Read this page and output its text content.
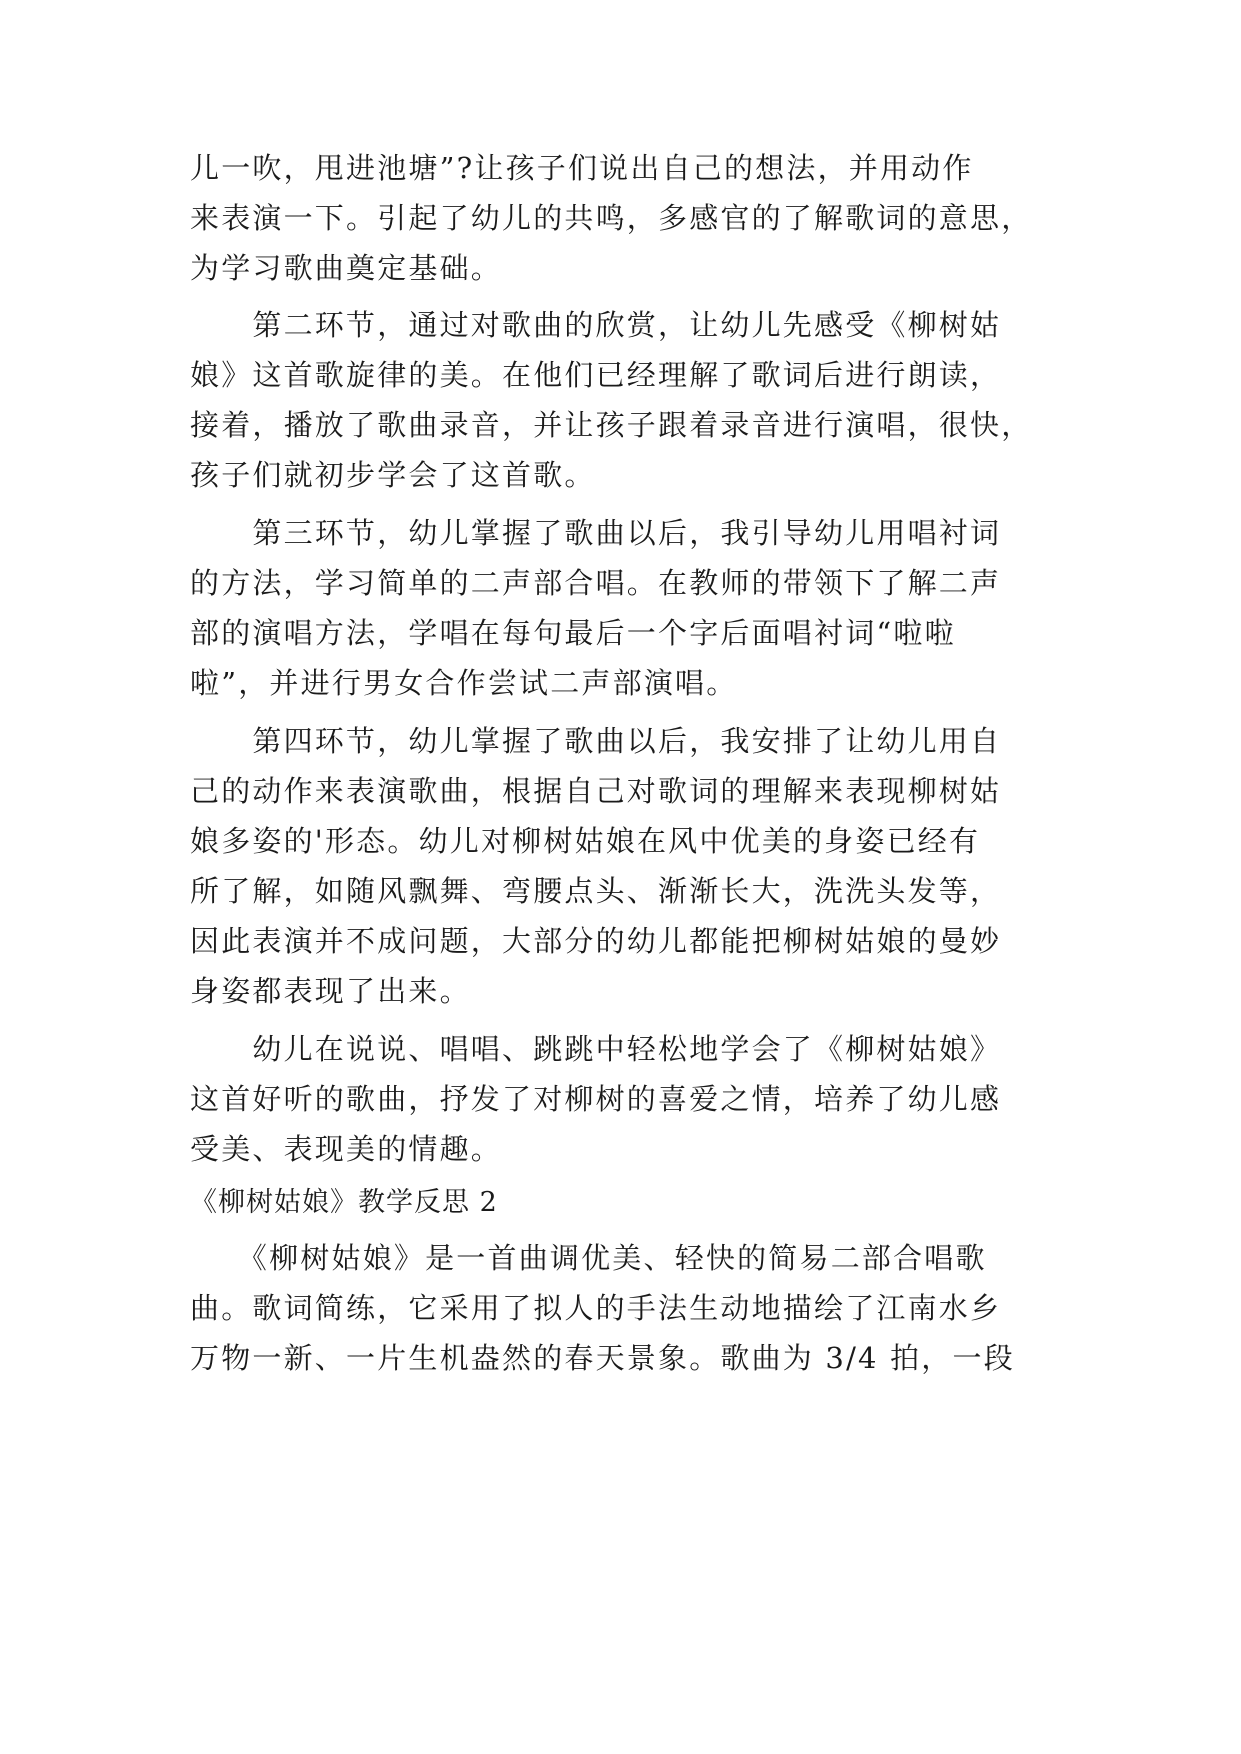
儿一吹，甩进池塘”?让孩子们说出自己的想法，并用动作
来表演一下。引起了幼儿的共鸣，多感官的了解歌词的意思，
为学习歌曲奠定基础。
　　第二环节，通过对歌曲的欣赏，让幼儿先感受《柳树姑
娘》这首歌旋律的美。在他们已经理解了歌词后进行朗读，
接着，播放了歌曲录音，并让孩子跟着录音进行演唱，很快，
孩子们就初步学会了这首歌。
　　第三环节，幼儿掌握了歌曲以后，我引导幼儿用唱衬词
的方法，学习简单的二声部合唱。在教师的带领下了解二声
部的演唱方法，学唱在每句最后一个字后面唱衬词“啦啦
啦”，并进行男女合作尝试二声部演唱。
　　第四环节，幼儿掌握了歌曲以后，我安排了让幼儿用自
己的动作来表演歌曲，根据自己对歌词的理解来表现柳树姑
娘多姿的'形态。幼儿对柳树姑娘在风中优美的身姿已经有
所了解，如随风飘舞、弯腰点头、渐渐长大，洗洗头发等，
因此表演并不成问题，大部分的幼儿都能把柳树姑娘的曼妙
身姿都表现了出来。
　　幼儿在说说、唱唱、跳跳中轻松地学会了《柳树姑娘》
这首好听的歌曲，抒发了对柳树的喜爱之情，培养了幼儿感
受美、表现美的情趣。
《柳树姑娘》教学反思 2
　　《柳树姑娘》是一首曲调优美、轻快的简易二部合唱歌
曲。歌词简练，它采用了拟人的手法生动地描绘了江南水乡
万物一新、一片生机盎然的春天景象。歌曲为 3/4 拍，一段
